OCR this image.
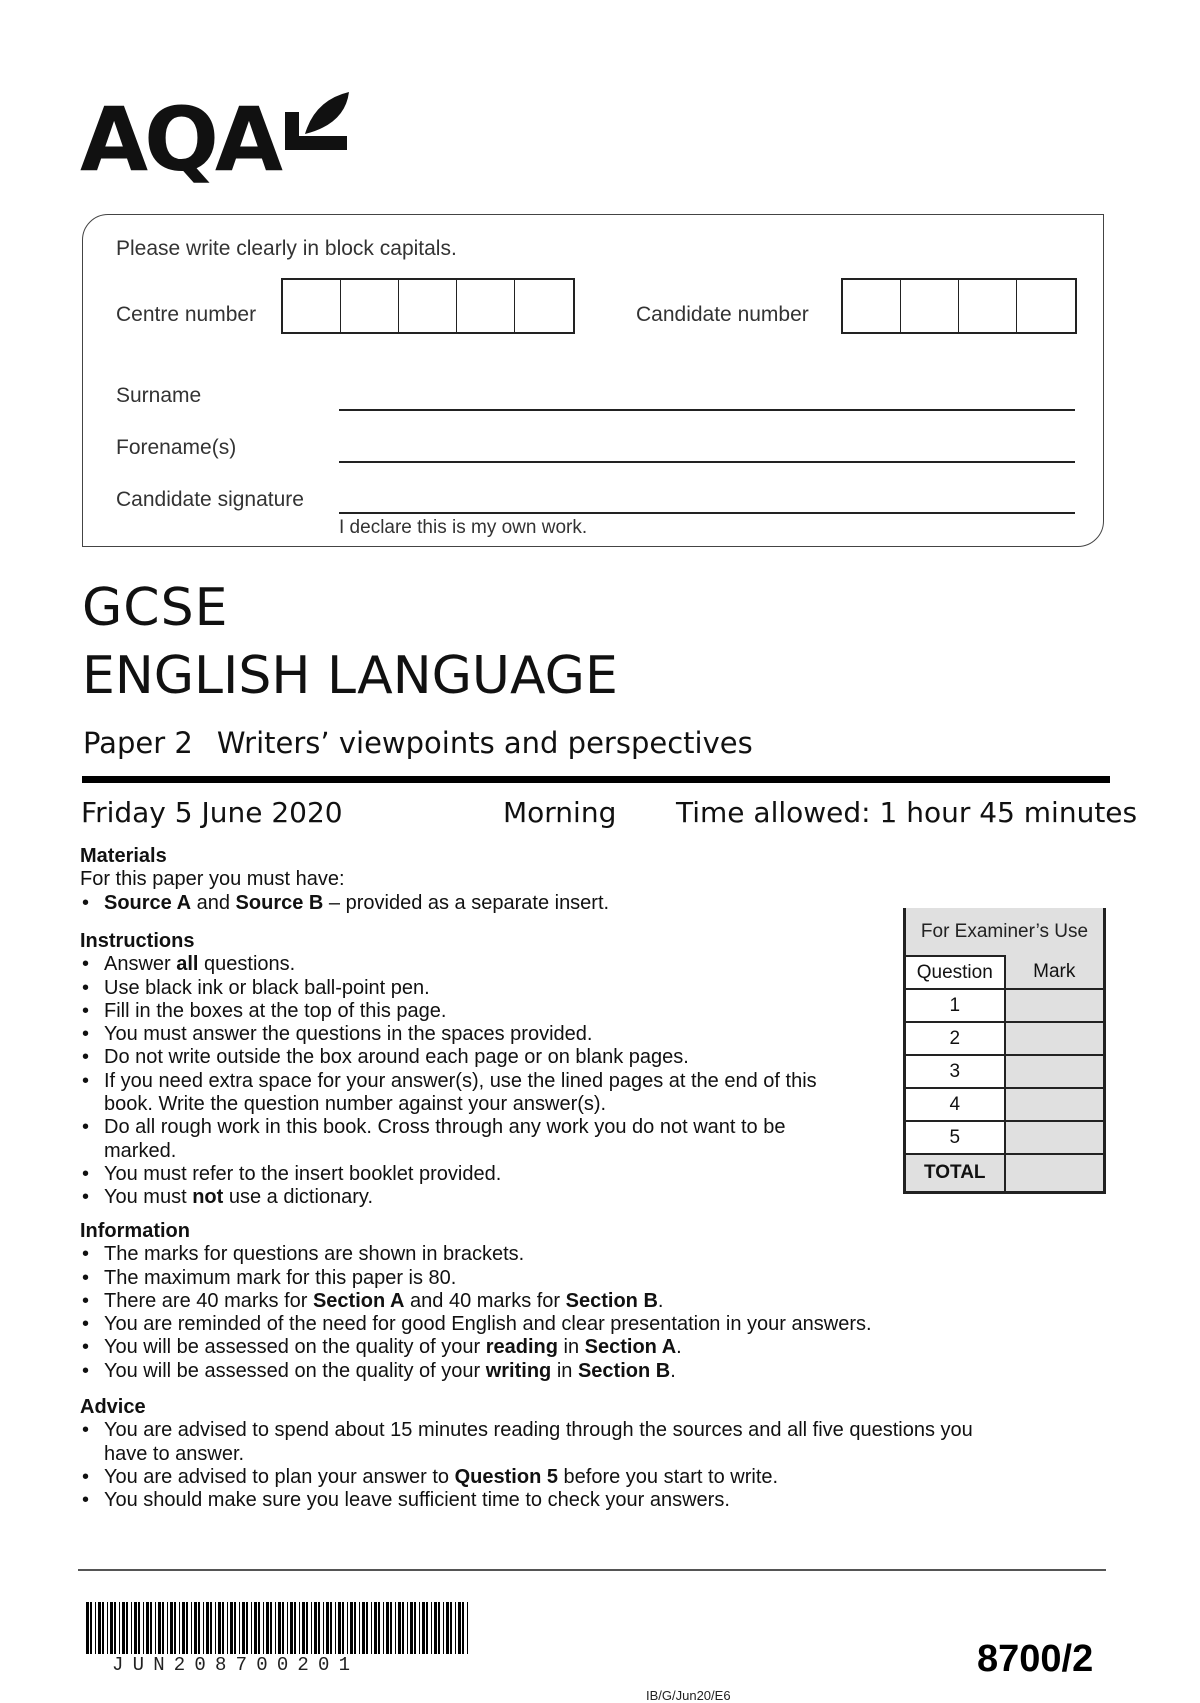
AQA
Please write clearly in block capitals.
Centre number	Candidate number
Surname
Forename(s)
Candidate signature
I declare this is my own work.
GCSE
ENGLISH LANGUAGE
Paper 2 Writers’ viewpoints and perspectives
Friday 5 June 2020	Morning Time allowed: 1 hour 45 minutes
Materials

For this paper you must have:

• Source A and Source B – provided as a separate insert.
Instructions
• Answer all questions.
• Use black ink or black ball-point pen.
• Fill in the boxes at the top of this page.
• You must answer the questions in the spaces provided.
• Do not write outside the box around each page or on blank pages.
• If you need extra space for your answer(s), use the lined pages at the end of this book. Write the question number against your answer(s).
• Do all rough work in this book. Cross through any work you do not want to be marked.
• You must refer to the insert booklet provided.
• You must not use a dictionary.
Information
• The marks for questions are shown in brackets.
• The maximum mark for this paper is 80.
• There are 40 marks for Section A and 40 marks for Section B.
• You are reminded of the need for good English and clear presentation in your answers.
• You will be assessed on the quality of your reading in Section A.
• You will be assessed on the quality of your writing in Section B.
Advice
• You are advised to spend about 15 minutes reading through the sources and all five questions you have to answer.
• You are advised to plan your answer to Question 5 before you start to write.
• You should make sure you leave sufficient time to check your answers.
For Examiner’s Use	
Question	Mark
1	
2	
3	
4	
5	
TOTAL	
JUN208700201
IB/G/Jun20/E6
8700/2
